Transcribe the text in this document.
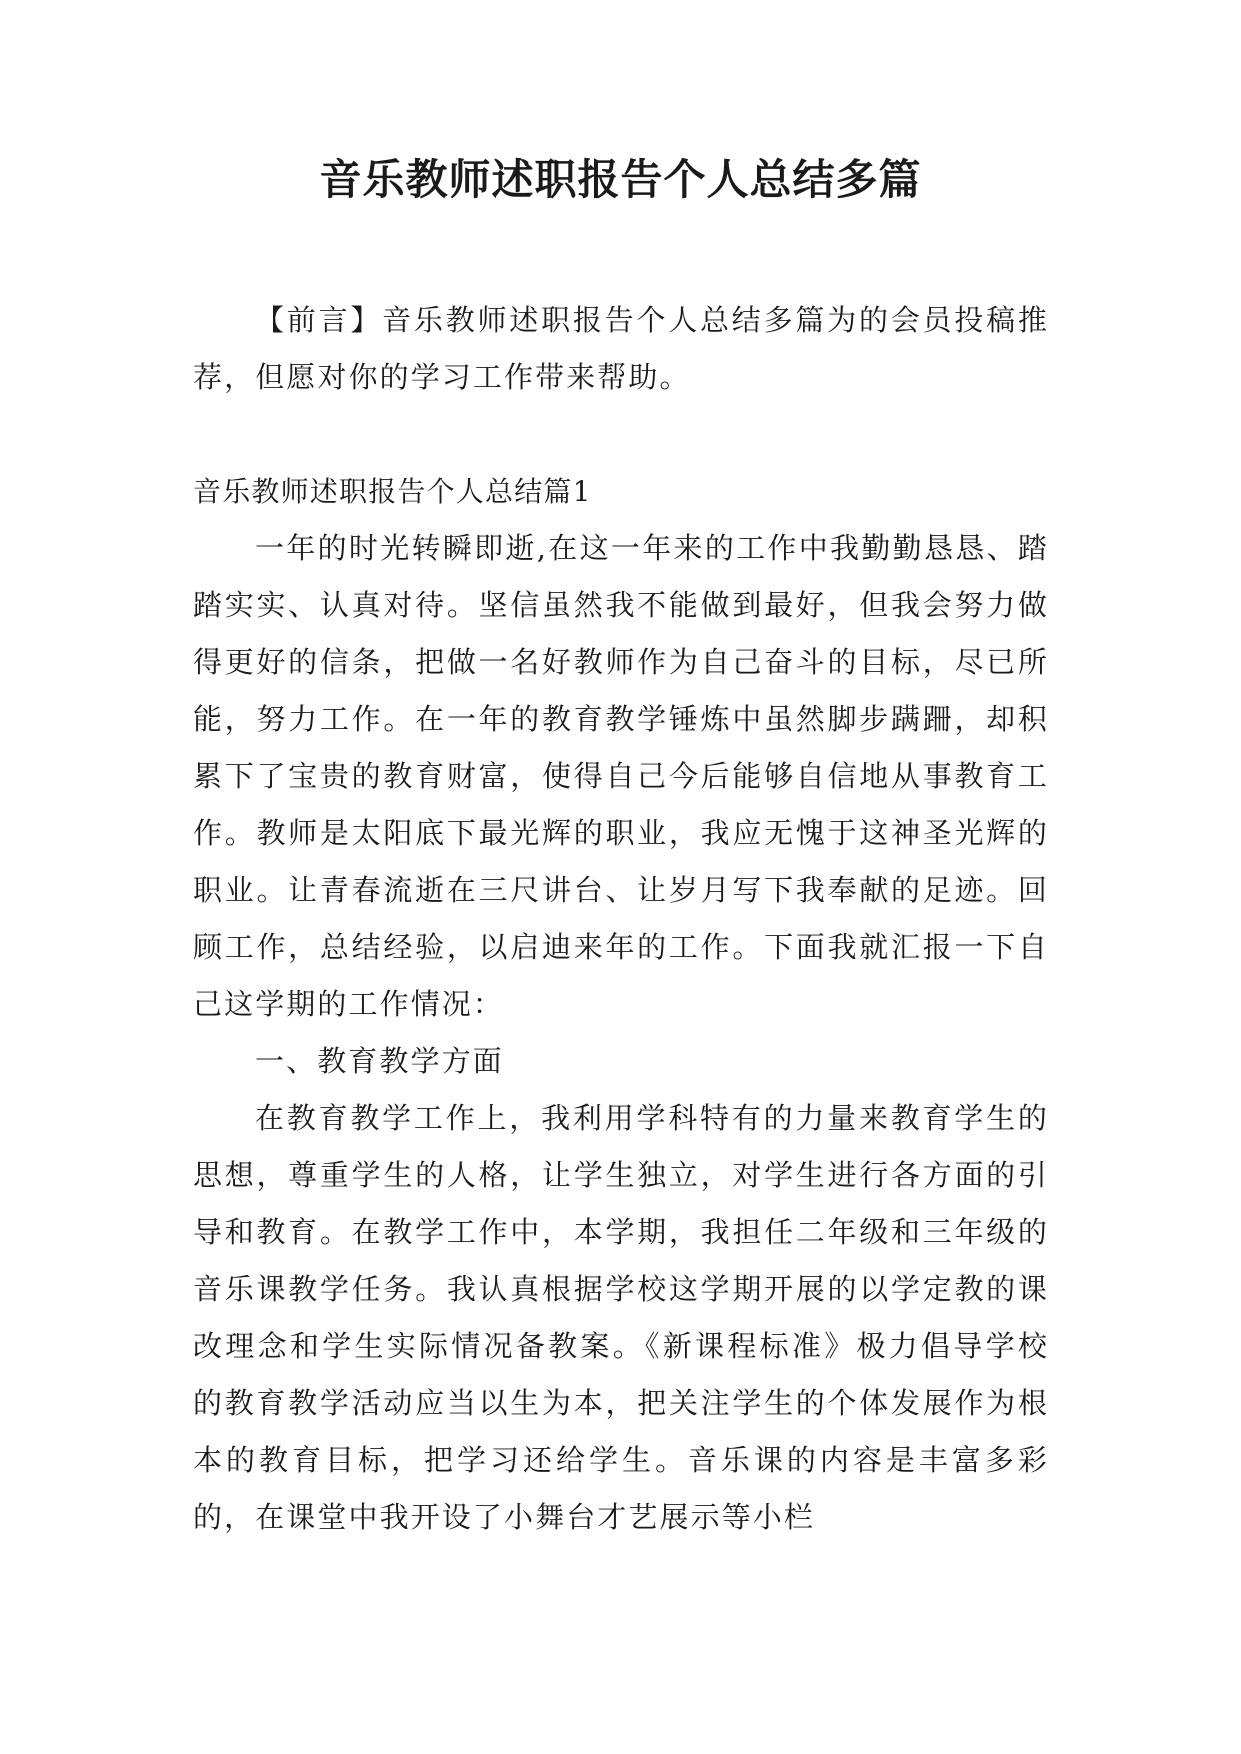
音乐教师述职报告个人总结多篇

【前言】音乐教师述职报告个人总结多篇为的会员投稿推荐，但愿对你的学习工作带来帮助。

音乐教师述职报告个人总结篇1

一年的时光转瞬即逝,在这一年来的工作中我勤勤恳恳、踏踏实实、认真对待。坚信虽然我不能做到最好，但我会努力做得更好的信条，把做一名好教师作为自己奋斗的目标，尽已所能，努力工作。在一年的教育教学锤炼中虽然脚步蹒跚，却积累下了宝贵的教育财富，使得自己今后能够自信地从事教育工作。教师是太阳底下最光辉的职业，我应无愧于这神圣光辉的职业。让青春流逝在三尺讲台、让岁月写下我奉献的足迹。回顾工作，总结经验，以启迪来年的工作。下面我就汇报一下自己这学期的工作情况：

一、教育教学方面

在教育教学工作上，我利用学科特有的力量来教育学生的思想，尊重学生的人格，让学生独立，对学生进行各方面的引导和教育。在教学工作中，本学期，我担任二年级和三年级的音乐课教学任务。我认真根据学校这学期开展的以学定教的课改理念和学生实际情况备教案。《新课程标准》极力倡导学校的教育教学活动应当以生为本，把关注学生的个体发展作为根本的教育目标，把学习还给学生。音乐课的内容是丰富多彩的，在课堂中我开设了小舞台才艺展示等小栏
